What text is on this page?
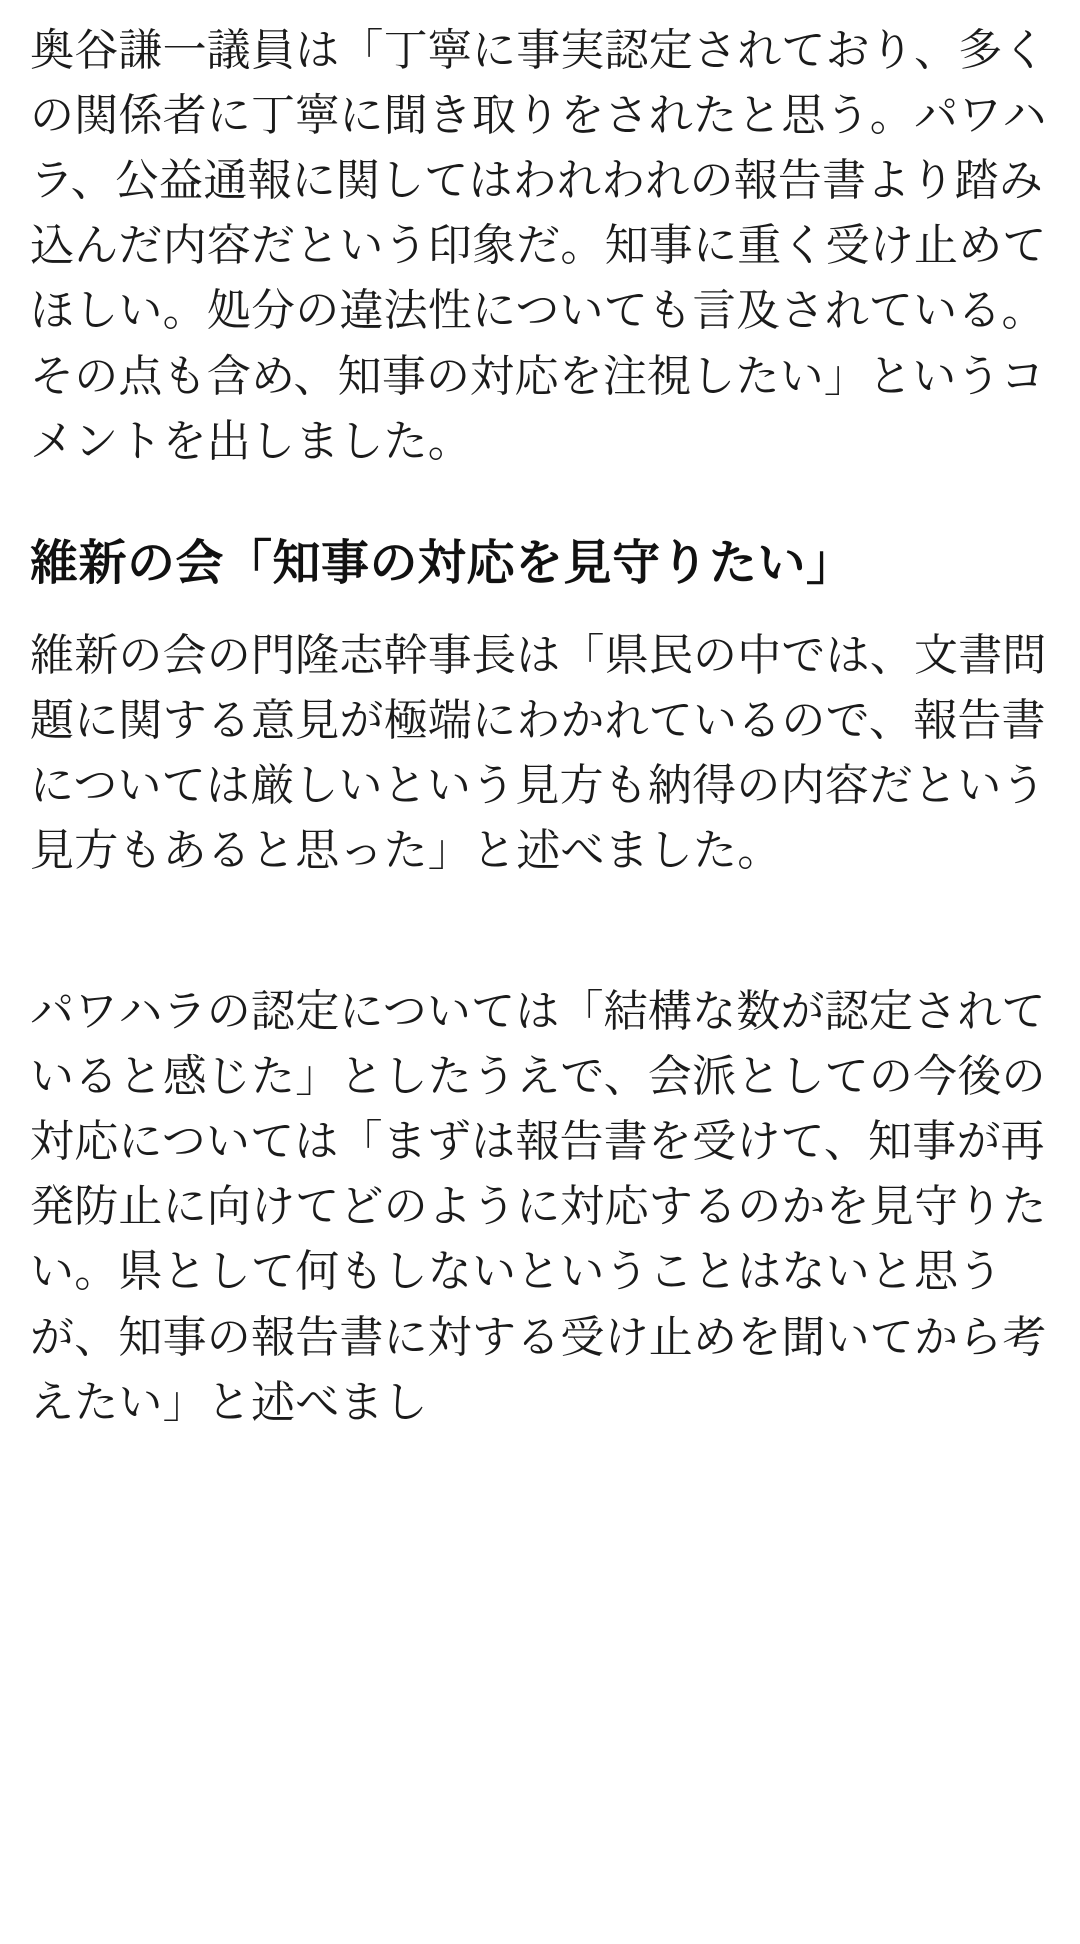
奥谷謙一議員は「丁寧に事実認定されており、多くの関係者に丁寧に聞き取りをされたと思う。パワハラ、公益通報に関してはわれわれの報告書より踏み込んだ内容だという印象だ。知事に重く受け止めてほしい。処分の違法性についても言及されている。その点も含め、知事の対応を注視したい」というコメントを出しました。

維新の会「知事の対応を見守りたい」

維新の会の門隆志幹事長は「県民の中では、文書問題に関する意見が極端にわかれているので、報告書については厳しいという見方も納得の内容だという見方もあると思った」と述べました。

パワハラの認定については「結構な数が認定されていると感じた」としたうえで、会派としての今後の対応については「まずは報告書を受けて、知事が再発防止に向けてどのように対応するのかを見守りたい。県として何もしないということはないと思うが、知事の報告書に対する受け止めを聞いてから考えたい」と述べまし
